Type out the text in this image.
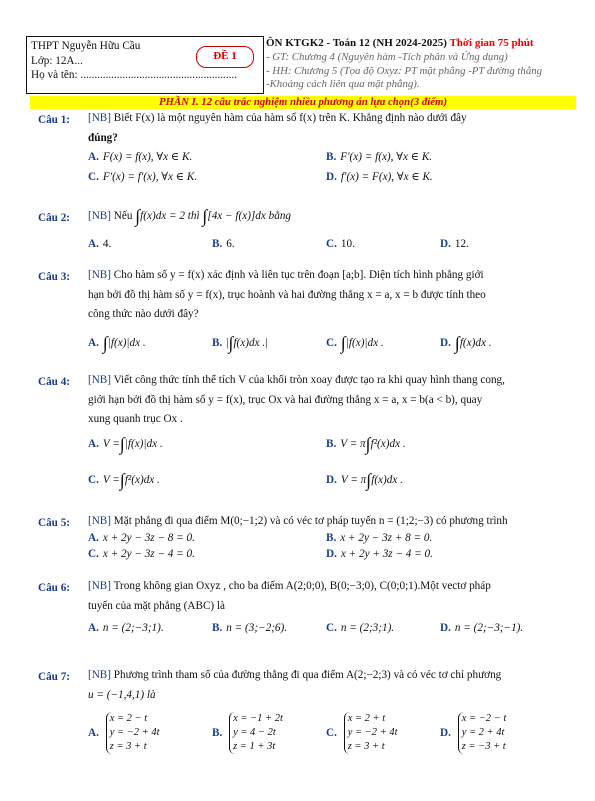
THPT Nguyễn Hữu Cầu
Lớp: 12A...
Họ và tên: ........................................................
ĐỀ 1
ÔN KTGK2 - Toán 12 (NH 2024-2025) Thời gian 75 phút
- GT: Chương 4 (Nguyên hàm -Tích phân và Ứng dụng)
- HH: Chương 5 (Tọa độ Oxyz: PT mặt phẳng -PT đường thẳng
-Khoảng cách liên qua mặt phẳng).
PHẦN I. 12 câu trắc nghiệm nhiều phương án lựa chọn(3 điểm)
Câu 1: [NB] Biết F(x) là một nguyên hàm của hàm số f(x) trên K. Khẳng định nào dưới đây
đúng?
A. F(x) = f(x), ∀x ∈ K.	B. F′(x) = f(x), ∀x ∈ K.
C. F′(x) = f′(x), ∀x ∈ K.	D. f′(x) = F(x), ∀x ∈ K.
Câu 2: [NB] Nếu ∫f(x)dx = 2 thì ∫[4x − f(x)]dx bằng
A. 4.	B. 6.	C. 10.	D. 12.
Câu 3: [NB] Cho hàm số y = f(x) xác định và liên tục trên đoạn [a;b]. Diện tích hình phẳng giới
hạn bởi đồ thị hàm số y = f(x), trục hoành và hai đường thẳng x = a, x = b được tính theo
công thức nào dưới đây?
A. ∫|f(x)|dx .	B. |∫f(x)dx .|	C. ∫|f(x)|dx .	D. ∫f(x)dx .
Câu 4: [NB] Viết công thức tính thể tích V của khối tròn xoay được tạo ra khi quay hình thang cong,
giới hạn bởi đồ thị hàm số y = f(x), trục Ox và hai đường thẳng x = a, x = b(a < b), quay
xung quanh trục Ox .
A. V =∫|f(x)|dx .	B. V = π∫f²(x)dx .
C. V =∫f²(x)dx .	D. V = π∫f(x)dx .
Câu 5: [NB] Mặt phẳng đi qua điểm M(0;−1;2) và có véc tơ pháp tuyến n = (1;2;−3) có phương trình
A. x + 2y − 3z − 8 = 0.	B. x + 2y − 3z + 8 = 0.
C. x + 2y − 3z − 4 = 0.	D. x + 2y + 3z − 4 = 0.
Câu 6: [NB] Trong không gian Oxyz , cho ba điểm A(2;0;0), B(0;−3;0), C(0;0;1).Một vectơ pháp
tuyến của mặt phẳng (ABC) là
A. n = (2;−3;1).	B. n = (3;−2;6).	C. n = (2;3;1).	D. n = (2;−3;−1).
Câu 7: [NB] Phương trình tham số của đường thẳng đi qua điểm A(2;−2;3) và có véc tơ chỉ phương
u = (−1,4,1) là
A. x = 2 − t
y = −2 + 4t
z = 3 + t
B. x = −1 + 2t
y = 4 − 2t
z = 1 + 3t
C. x = 2 + t
y = −2 + 4t
z = 3 + t
D. x = −2 − t
y = 2 + 4t
z = −3 + t
